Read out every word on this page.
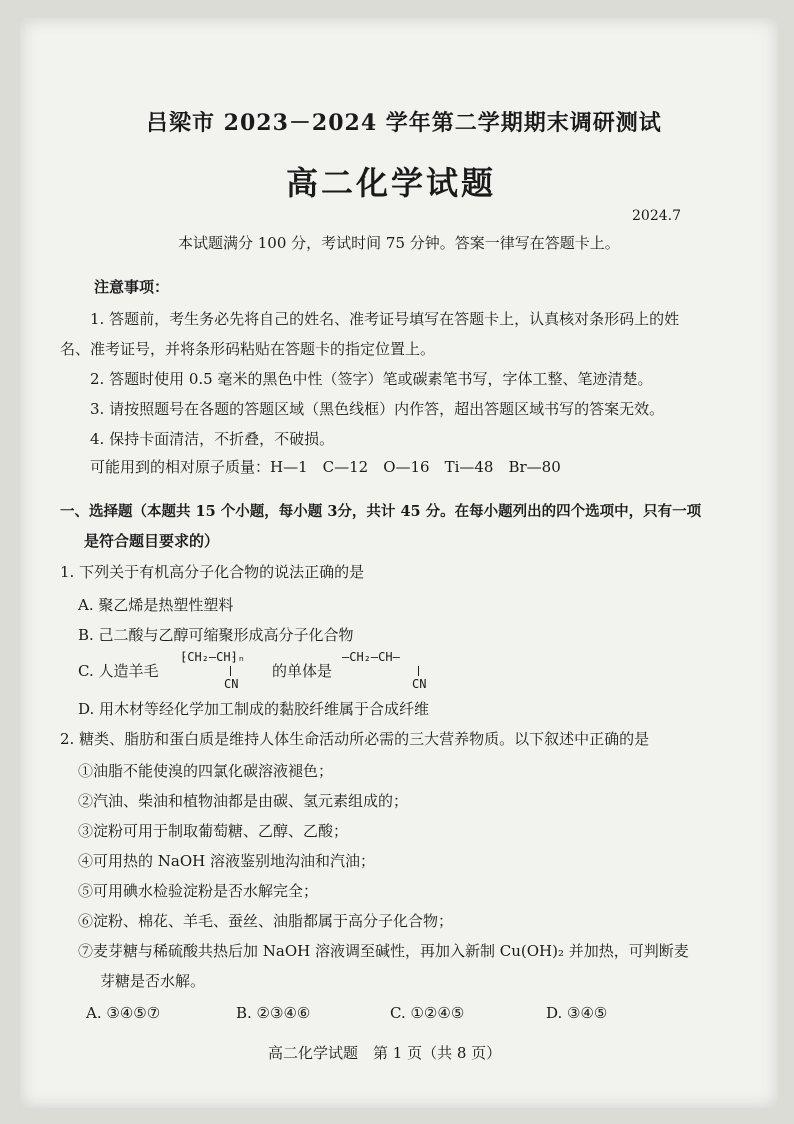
吕梁市 2023－2024 学年第二学期期末调研测试
高二化学试题
2024.7
本试题满分 100 分，考试时间 75 分钟。答案一律写在答题卡上。
注意事项：
1. 答题前，考生务必先将自己的姓名、准考证号填写在答题卡上，认真核对条形码上的姓
名、准考证号，并将条形码粘贴在答题卡的指定位置上。
2. 答题时使用 0.5 毫米的黑色中性（签字）笔或碳素笔书写，字体工整、笔迹清楚。
3. 请按照题号在各题的答题区域（黑色线框）内作答，超出答题区域书写的答案无效。
4. 保持卡面清洁，不折叠，不破损。
可能用到的相对原子质量：H—1　C—12　O—16　Ti—48　Br—80
一、选择题（本题共 15 个小题，每小题 3分，共计 45 分。在每小题列出的四个选项中，只有一项
是符合题目要求的）
1. 下列关于有机高分子化合物的说法正确的是
A. 聚乙烯是热塑性塑料
B. 己二酸与乙醇可缩聚形成高分子化合物
C. 人造羊毛
⁅CH₂—CH⁆ₙ
CN
的单体是
—CH₂—CH—
CN
D. 用木材等经化学加工制成的黏胶纤维属于合成纤维
2. 糖类、脂肪和蛋白质是维持人体生命活动所必需的三大营养物质。以下叙述中正确的是
①油脂不能使溴的四氯化碳溶液褪色；
②汽油、柴油和植物油都是由碳、氢元素组成的；
③淀粉可用于制取葡萄糖、乙醇、乙酸；
④可用热的 NaOH 溶液鉴别地沟油和汽油；
⑤可用碘水检验淀粉是否水解完全；
⑥淀粉、棉花、羊毛、蚕丝、油脂都属于高分子化合物；
⑦麦芽糖与稀硫酸共热后加 NaOH 溶液调至碱性，再加入新制 Cu(OH)₂ 并加热，可判断麦
芽糖是否水解。
A. ③④⑤⑦	B. ②③④⑥	C. ①②④⑤	D. ③④⑤
高二化学试题　第 1 页（共 8 页）
